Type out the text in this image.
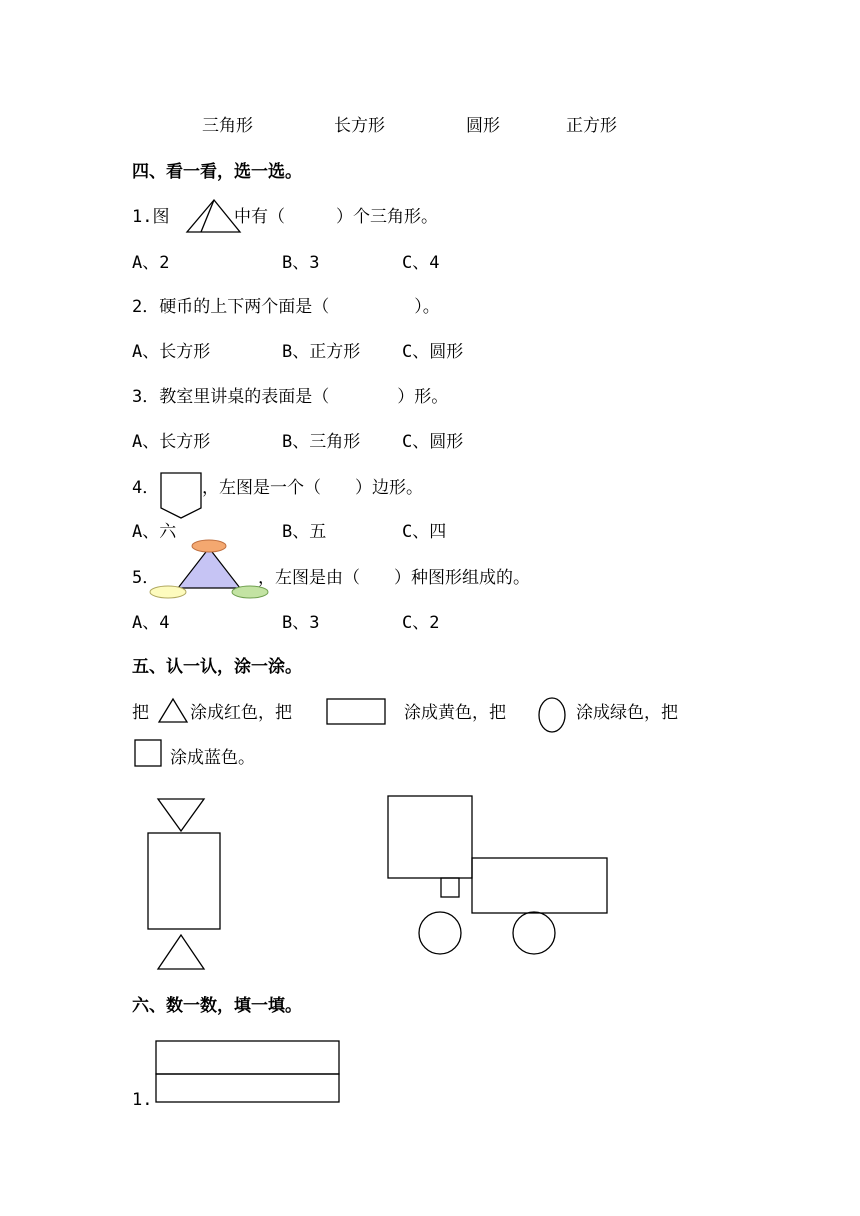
三角形	长方形	圆形	正方形
四、看一看，选一选。
1.图	中有（　　　）个三角形。
A、2	B、3	C、4
2．硬币的上下两个面是（　　　　　）。
A、长方形	B、正方形 C、圆形
3．教室里讲桌的表面是（　　　　）形。
A、长方形	B、三角形 C、圆形
4．	，左图是一个（　　）边形。
A、六	B、五	C、四
5．	，左图是由（　　）种图形组成的。
A、4	B、3	C、2
五、认一认，涂一涂。
把 涂成红色，把	涂成黄色，把	涂成绿色，把
涂成蓝色。
六、数一数，填一填。
1.
